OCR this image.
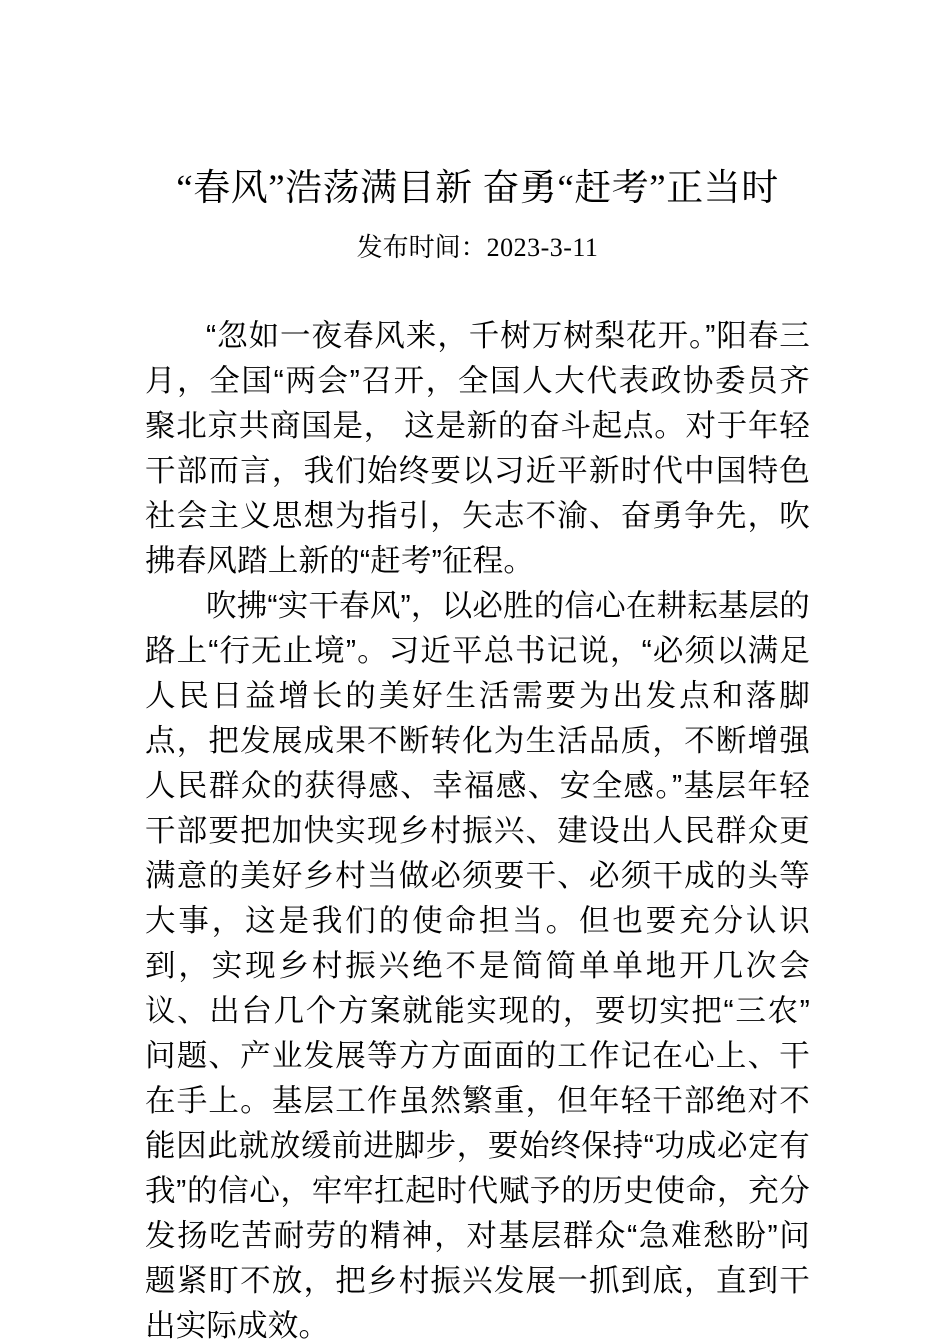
“春风”浩荡满目新 奋勇“赶考”正当时
发布时间：2023-3-11

“忽如一夜春风来，千树万树梨花开。”阳春三月，全国“两会”召开，全国人大代表政协委员齐聚北京共商国是， 这是新的奋斗起点。对于年轻干部而言，我们始终要以习近平新时代中国特色社会主义思想为指引，矢志不渝、奋勇争先，吹拂春风踏上新的“赶考”征程。

吹拂“实干春风”，以必胜的信心在耕耘基层的路上“行无止境”。习近平总书记说，“必须以满足人民日益增长的美好生活需要为出发点和落脚点，把发展成果不断转化为生活品质，不断增强人民群众的获得感、幸福感、安全感。”基层年轻干部要把加快实现乡村振兴、建设出人民群众更满意的美好乡村当做必须要干、必须干成的头等大事，这是我们的使命担当。但也要充分认识到，实现乡村振兴绝不是简简单单地开几次会议、出台几个方案就能实现的，要切实把“三农”问题、产业发展等方方面面的工作记在心上、干在手上。基层工作虽然繁重，但年轻干部绝对不能因此就放缓前进脚步，要始终保持“功成必定有我”的信心，牢牢扛起时代赋予的历史使命，充分发扬吃苦耐劳的精神，对基层群众“急难愁盼”问题紧盯不放，把乡村振兴发展一抓到底，直到干出实际成效。
